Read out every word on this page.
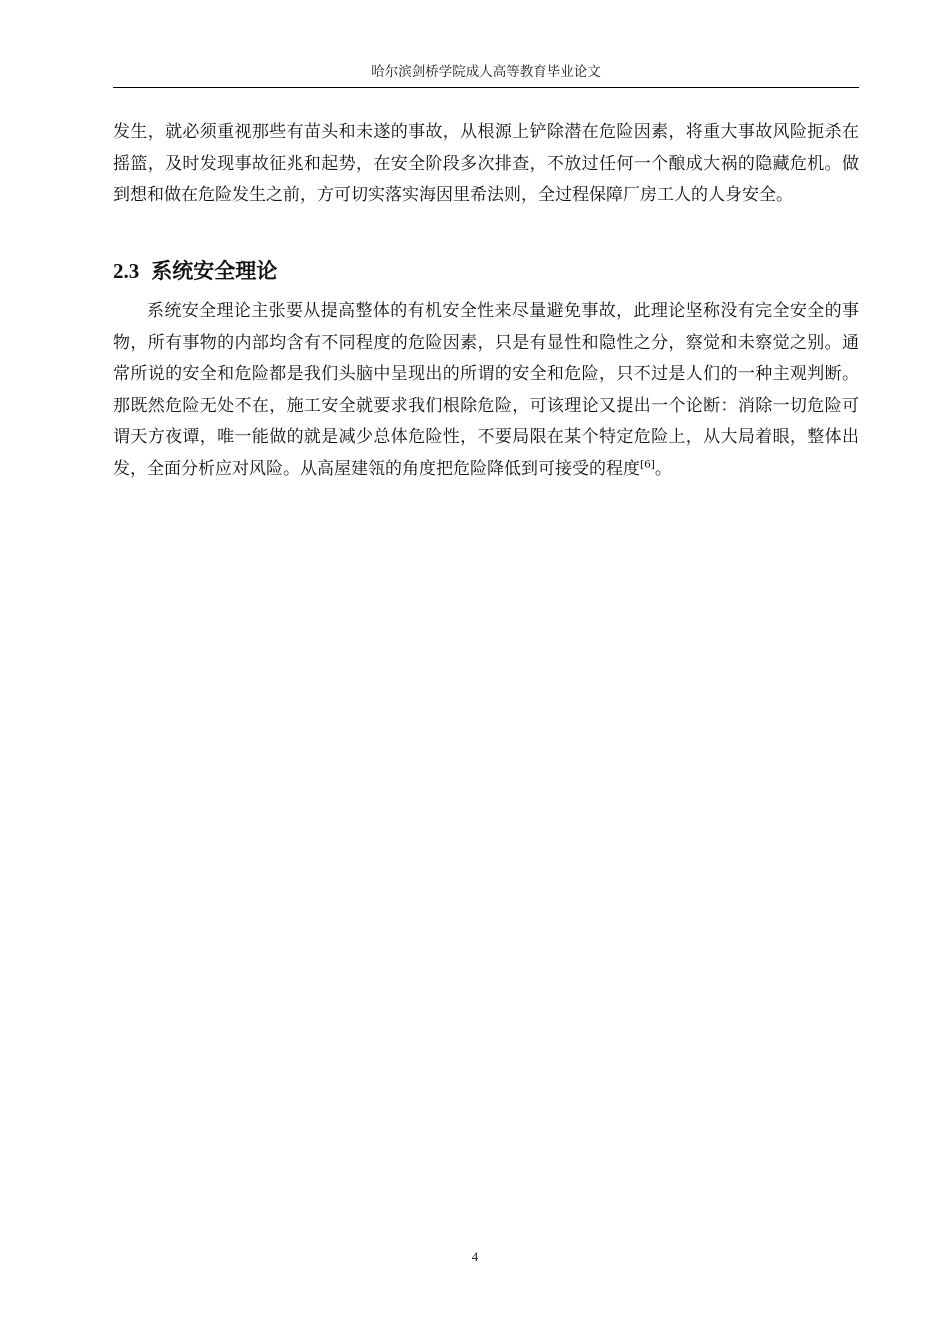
哈尔滨剑桥学院成人高等教育毕业论文

发生，就必须重视那些有苗头和未遂的事故，从根源上铲除潜在危险因素，将重大事故风险扼杀在摇篮，及时发现事故征兆和起势，在安全阶段多次排查，不放过任何一个酿成大祸的隐藏危机。做到想和做在危险发生之前，方可切实落实海因里希法则，全过程保障厂房工人的人身安全。

2.3 系统安全理论

系统安全理论主张要从提高整体的有机安全性来尽量避免事故，此理论坚称没有完全安全的事物，所有事物的内部均含有不同程度的危险因素，只是有显性和隐性之分，察觉和未察觉之别。通常所说的安全和危险都是我们头脑中呈现出的所谓的安全和危险，只不过是人们的一种主观判断。那既然危险无处不在，施工安全就要求我们根除危险，可该理论又提出一个论断：消除一切危险可谓天方夜谭，唯一能做的就是减少总体危险性，不要局限在某个特定危险上，从大局着眼，整体出发，全面分析应对风险。从高屋建瓴的角度把危险降低到可接受的程度[6]。

4
